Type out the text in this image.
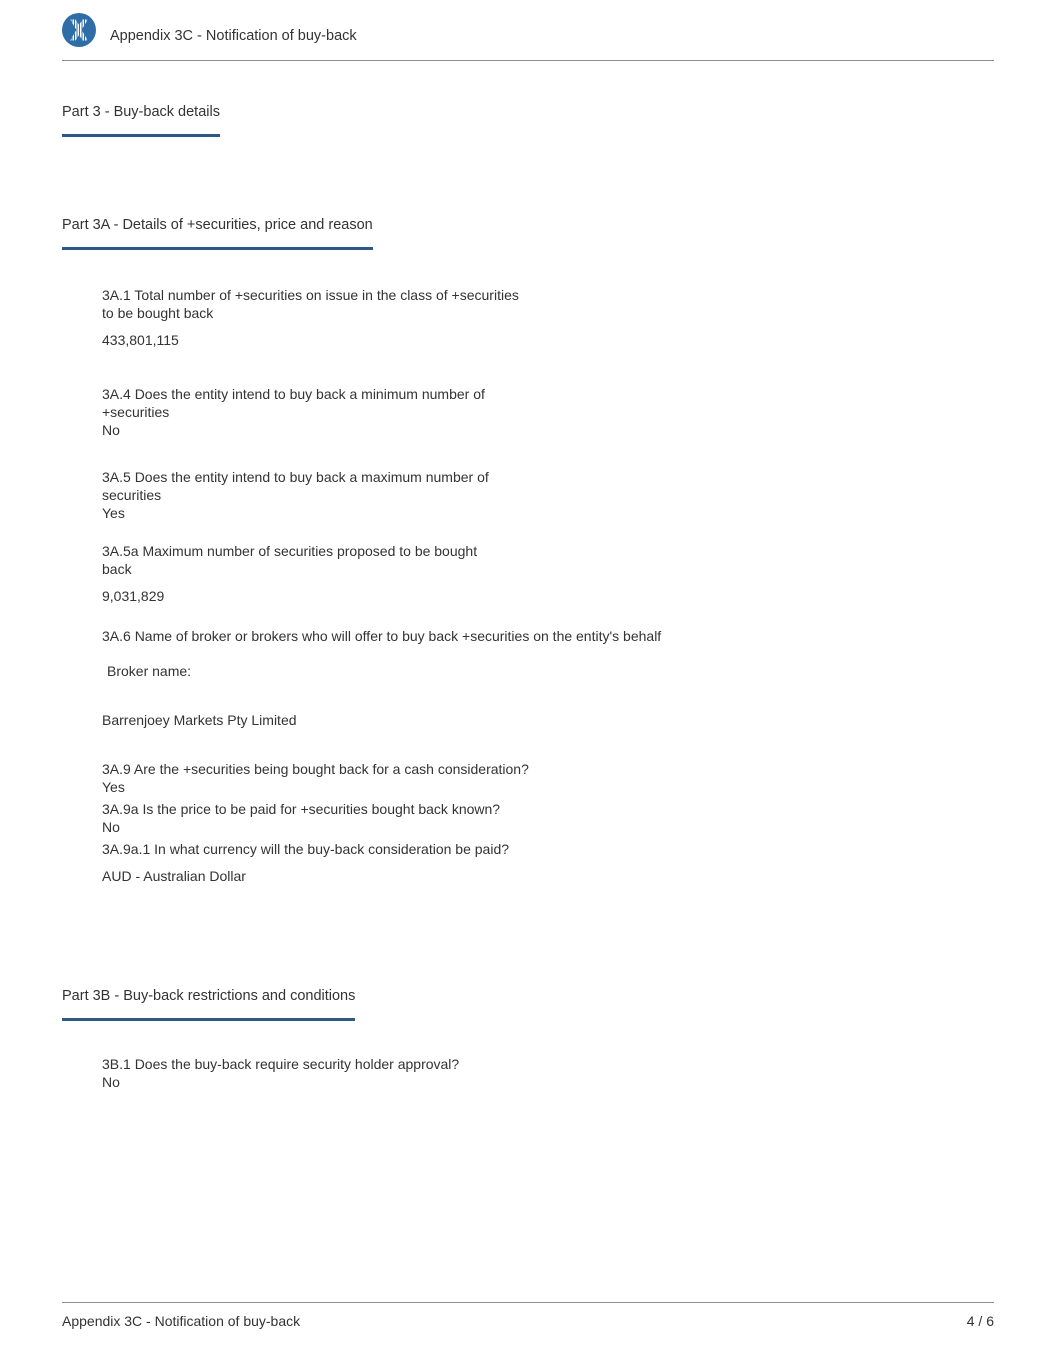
Appendix 3C - Notification of buy-back
Part 3 - Buy-back details
Part 3A - Details of +securities, price and reason
3A.1 Total number of +securities on issue in the class of +securities to be bought back
433,801,115
3A.4 Does the entity intend to buy back a minimum number of +securities
No
3A.5 Does the entity intend to buy back a maximum number of securities
Yes
3A.5a Maximum number of securities proposed to be bought back
9,031,829
3A.6 Name of broker or brokers who will offer to buy back +securities on the entity's behalf
Broker name:
Barrenjoey Markets Pty Limited
3A.9 Are the +securities being bought back for a cash consideration?
Yes
3A.9a Is the price to be paid for +securities bought back known?
No
3A.9a.1 In what currency will the buy-back consideration be paid?
AUD - Australian Dollar
Part 3B - Buy-back restrictions and conditions
3B.1 Does the buy-back require security holder approval?
No
Appendix 3C - Notification of buy-back	4 / 6
